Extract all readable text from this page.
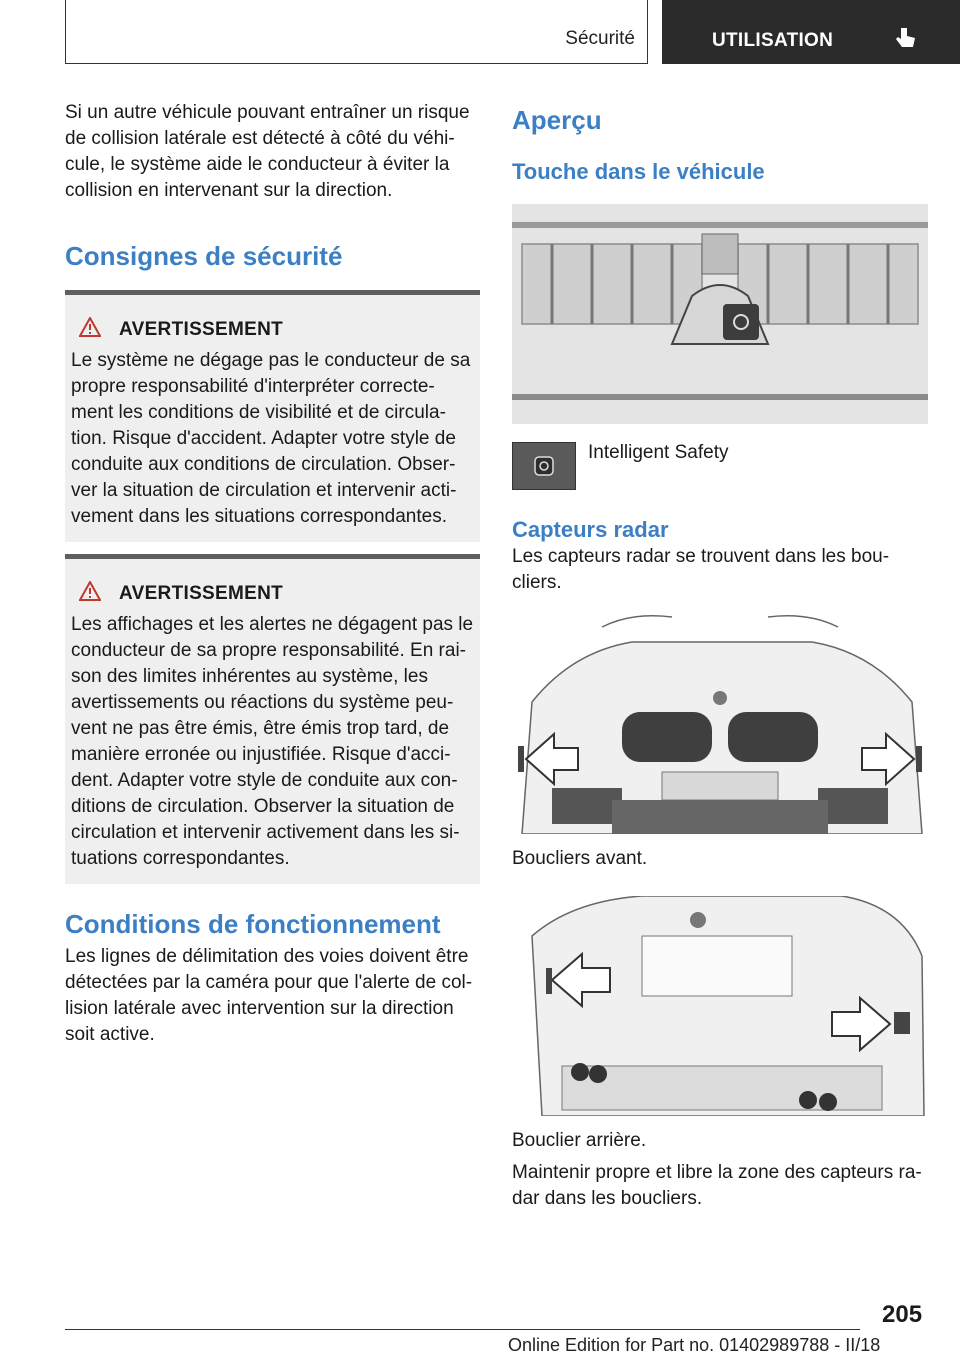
Sécurité	UTILISATION

Si un autre véhicule pouvant entraîner un risque

de collision latérale est détecté à côté du véhi-

cule, le système aide le conducteur à éviter la

collision en intervenant sur la direction.

Consignes de sécurité
AVERTISSEMENT

Le système ne dégage pas le conducteur de sa

propre responsabilité d'interpréter correcte-

ment les conditions de visibilité et de circula-

tion. Risque d'accident. Adapter votre style de

conduite aux conditions de circulation. Obser-

ver la situation de circulation et intervenir acti-

vement dans les situations correspondantes.

AVERTISSEMENT

Les affichages et les alertes ne dégagent pas le

conducteur de sa propre responsabilité. En rai-

son des limites inhérentes au système, les

avertissements ou réactions du système peu-

vent ne pas être émis, être émis trop tard, de

manière erronée ou injustifiée. Risque d'acci-

dent. Adapter votre style de conduite aux con-

ditions de circulation. Observer la situation de

circulation et intervenir activement dans les si-

tuations correspondantes.

Conditions de fonctionnement

Les lignes de délimitation des voies doivent être

détectées par la caméra pour que l'alerte de col-

lision latérale avec intervention sur la direction

soit active.

Aperçu
Touche dans le véhicule

Intelligent Safety

Capteurs radar

Les capteurs radar se trouvent dans les bou-

cliers.

Boucliers avant.

Bouclier arrière.

Maintenir propre et libre la zone des capteurs ra-

dar dans les boucliers.

205
Online Edition for Part no. 01402989788 - II/18
